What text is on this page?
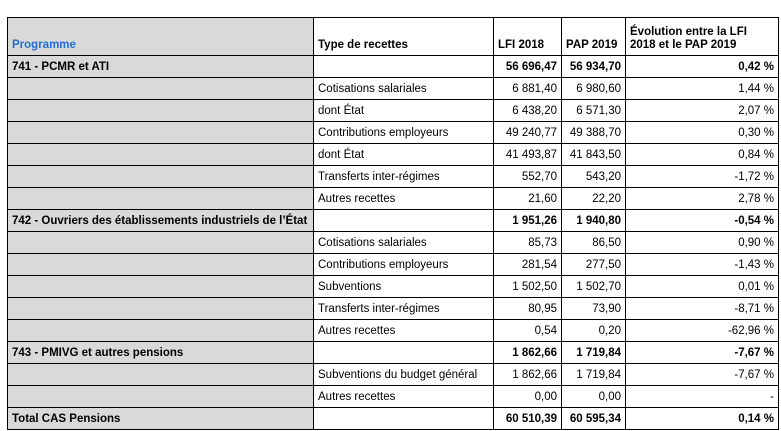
Programme	Type de recettes	LFI 2018	PAP 2019	Évolution entre la LFI 2018 et le PAP 2019
741 - PCMR et ATI		56 696,47	56 934,70	0,42 %
	Cotisations salariales	6 881,40	6 980,60	1,44 %
	dont État	6 438,20	6 571,30	2,07 %
	Contributions employeurs	49 240,77	49 388,70	0,30 %
	dont État	41 493,87	41 843,50	0,84 %
	Transferts inter-régimes	552,70	543,20	-1,72 %
	Autres recettes	21,60	22,20	2,78 %
742 - Ouvriers des établissements industriels de l’État		1 951,26	1 940,80	-0,54 %
	Cotisations salariales	85,73	86,50	0,90 %
	Contributions employeurs	281,54	277,50	-1,43 %
	Subventions	1 502,50	1 502,70	0,01 %
	Transferts inter-régimes	80,95	73,90	-8,71 %
	Autres recettes	0,54	0,20	-62,96 %
743 - PMIVG et autres pensions		1 862,66	1 719,84	-7,67 %
	Subventions du budget général	1 862,66	1 719,84	-7,67 %
	Autres recettes	0,00	0,00	-
Total CAS Pensions		60 510,39	60 595,34	0,14 %
